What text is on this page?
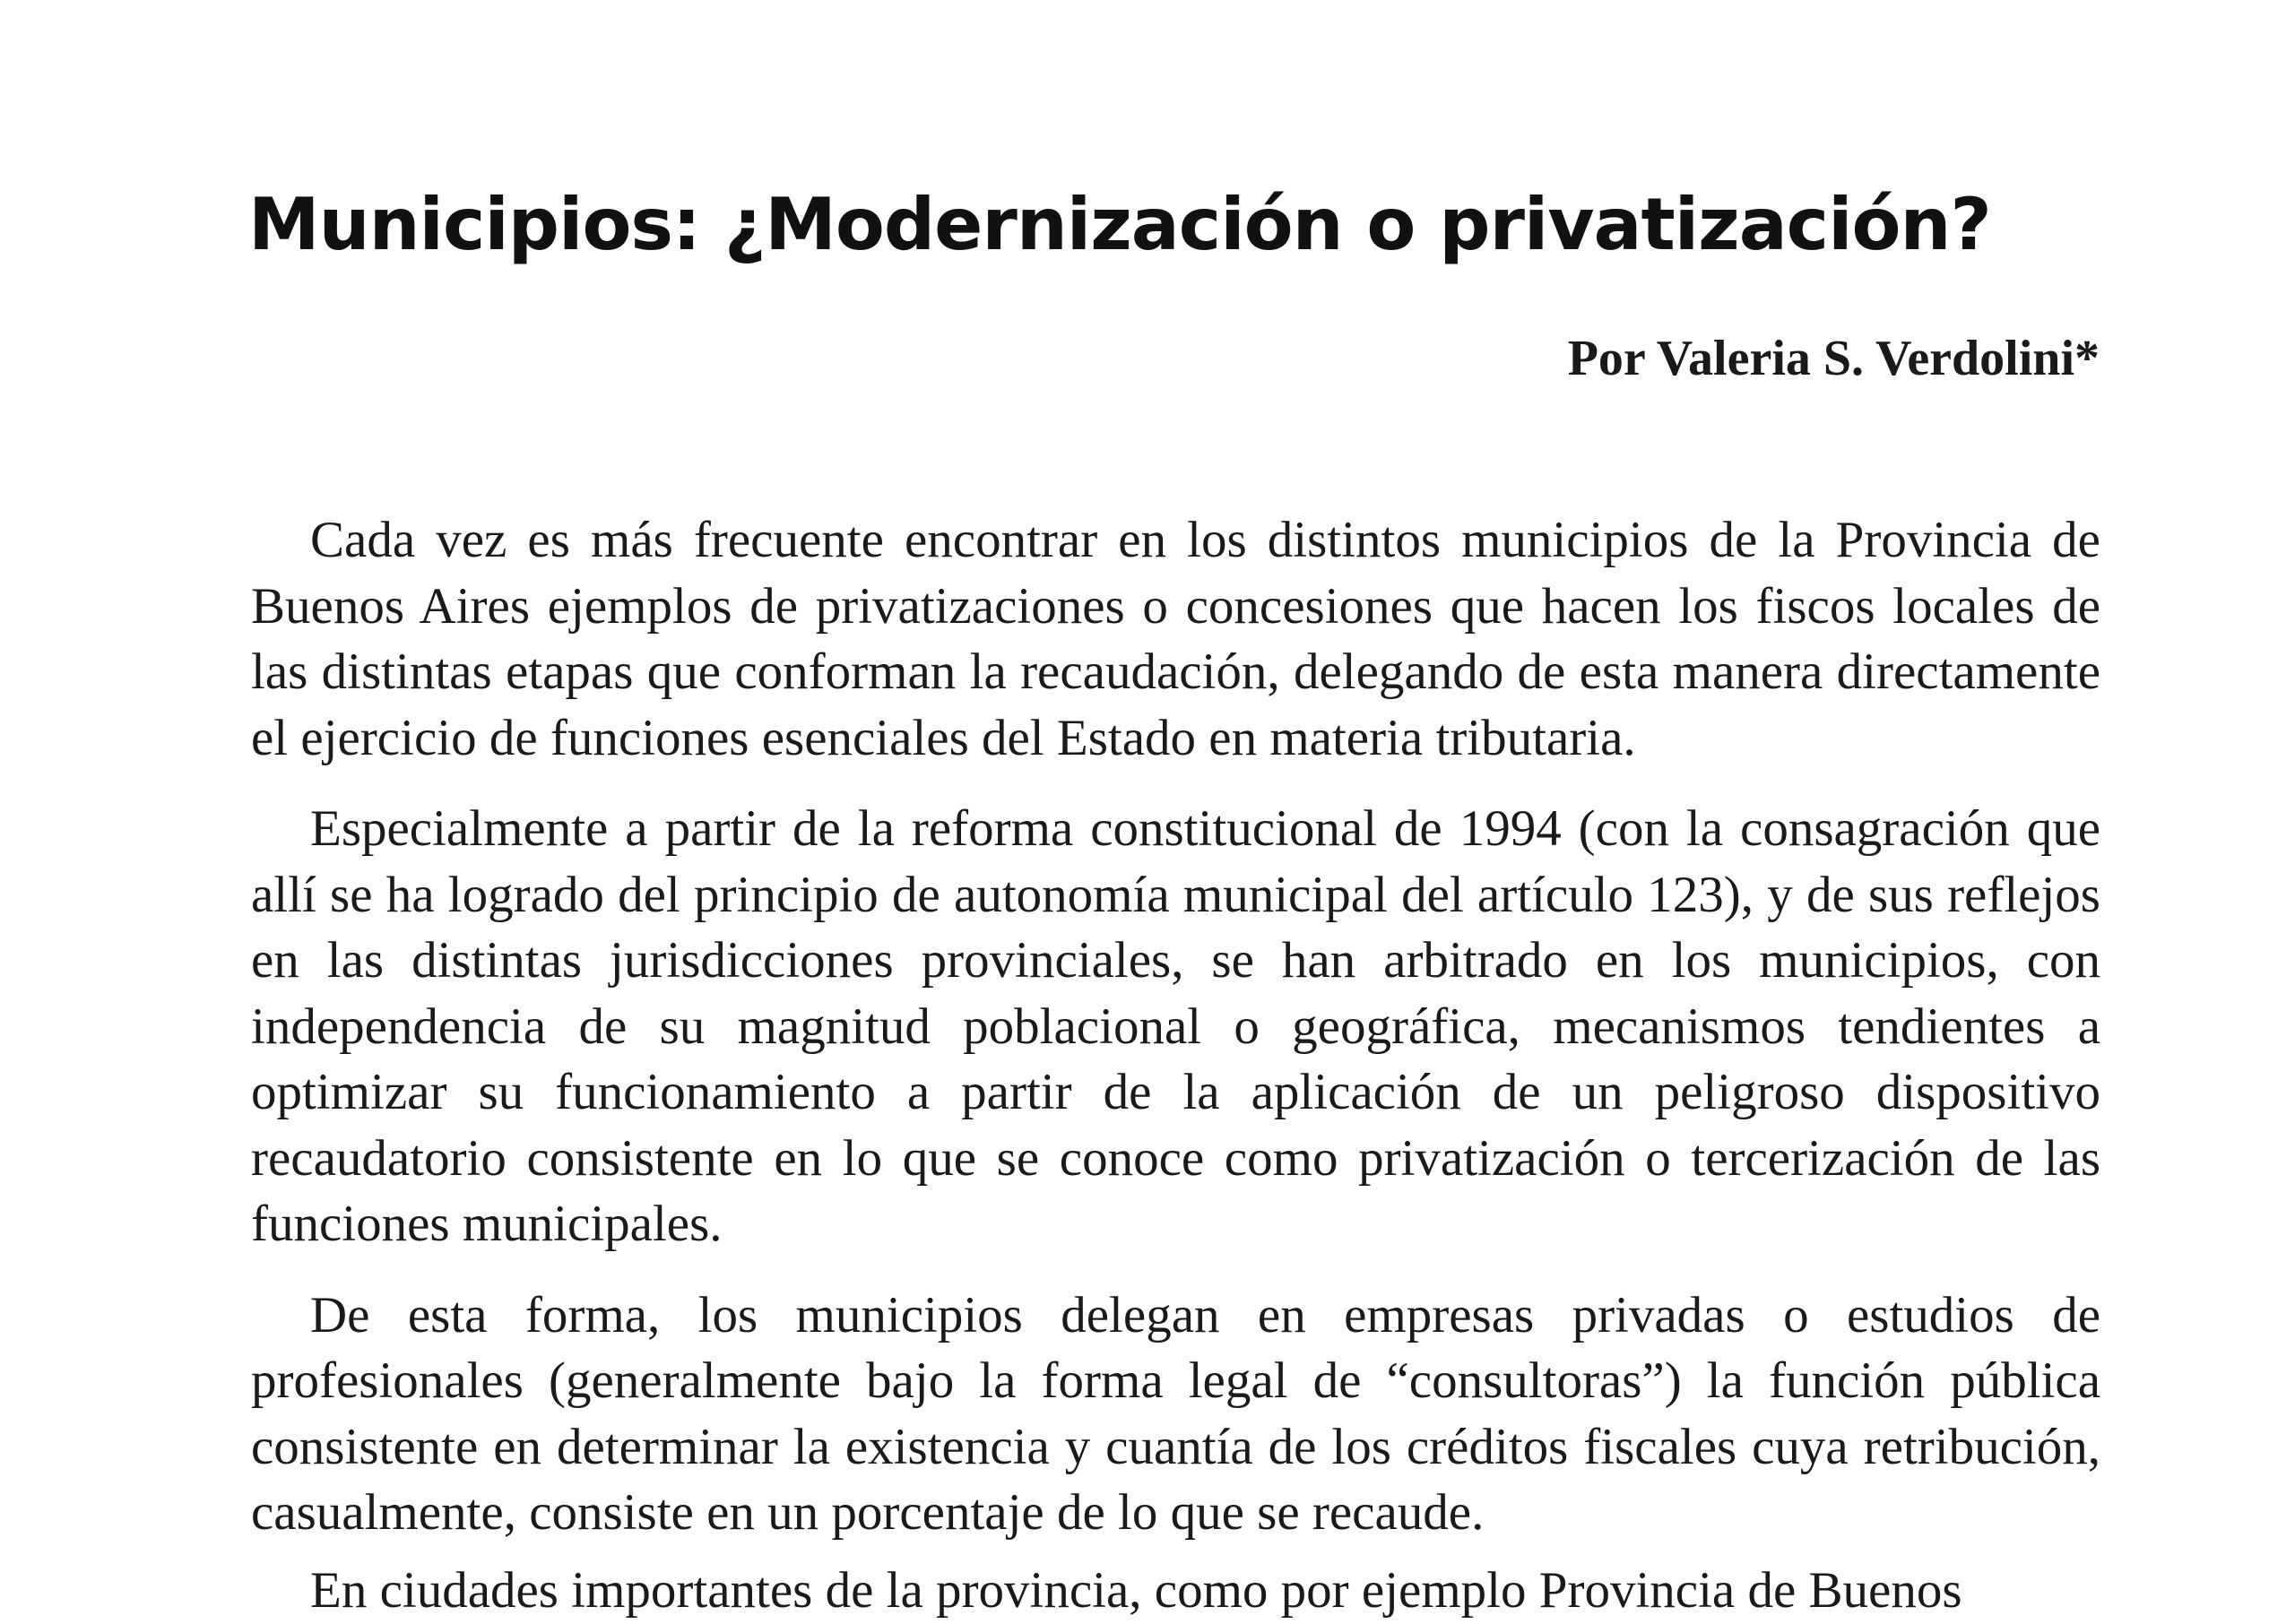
Municipios: ¿Modernización o privatización?
Por Valeria S. Verdolini*

Cada vez es más frecuente encontrar en los distintos municipios de la Provincia de Buenos Aires ejemplos de privatizaciones o concesiones que hacen los fiscos locales de las distintas etapas que conforman la recaudación, delegando de esta manera directamente el ejercicio de funciones esenciales del Estado en materia tributaria.

Especialmente a partir de la reforma constitucional de 1994 (con la consagración que allí se ha logrado del principio de autonomía municipal del artículo 123), y de sus reflejos en las distintas jurisdicciones provinciales, se han arbitrado en los municipios, con independencia de su magnitud poblacional o geográfica, mecanismos tendientes a optimizar su funcionamiento a partir de la aplicación de un peligroso dispositivo recaudatorio consistente en lo que se conoce como privatización o tercerización de las funciones municipales.

De esta forma, los municipios delegan en empresas privadas o estudios de profesionales (generalmente bajo la forma legal de “consultoras”) la función pública consistente en determinar la existencia y cuantía de los créditos fiscales cuya retribución, casualmente, consiste en un porcentaje de lo que se recaude.

En ciudades importantes de la provincia, como por ejemplo Provincia de Buenos
